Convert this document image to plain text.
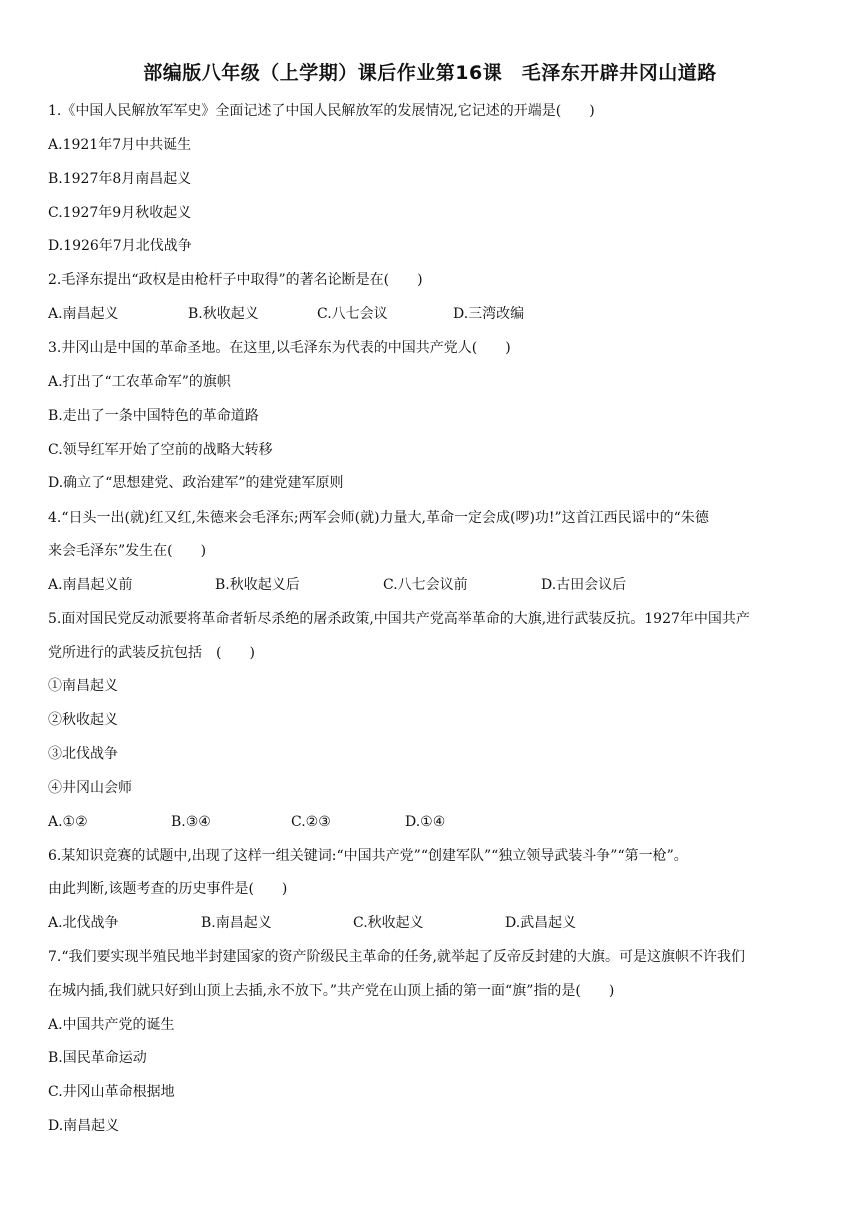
部编版八年级（上学期）课后作业第16课　毛泽东开辟井冈山道路
1.《中国人民解放军军史》全面记述了中国人民解放军的发展情况,它记述的开端是(　　)
A.1921年7月中共诞生
B.1927年8月南昌起义
C.1927年9月秋收起义
D.1926年7月北伐战争
2.毛泽东提出“政权是由枪杆子中取得”的著名论断是在(　　)
A.南昌起义	B.秋收起义	C.八七会议	D.三湾改编
3.井冈山是中国的革命圣地。在这里,以毛泽东为代表的中国共产党人(　　)
A.打出了“工农革命军”的旗帜
B.走出了一条中国特色的革命道路
C.领导红军开始了空前的战略大转移
D.确立了“思想建党、政治建军”的建党建军原则
4.“日头一出(就)红又红,朱德来会毛泽东;两军会师(就)力量大,革命一定会成(啰)功!”这首江西民谣中的“朱德
来会毛泽东”发生在(　　)
A.南昌起义前	B.秋收起义后	C.八七会议前	D.古田会议后
5.面对国民党反动派要将革命者斩尽杀绝的屠杀政策,中国共产党高举革命的大旗,进行武装反抗。1927年中国共产
党所进行的武装反抗包括　(　　)
①南昌起义
②秋收起义
③北伐战争
④井冈山会师
A.①②	B.③④	C.②③	D.①④
6.某知识竞赛的试题中,出现了这样一组关键词:“中国共产党”“创建军队”“独立领导武装斗争”“第一枪”。
由此判断,该题考查的历史事件是(　　)
A.北伐战争	B.南昌起义	C.秋收起义	D.武昌起义
7.“我们要实现半殖民地半封建国家的资产阶级民主革命的任务,就举起了反帝反封建的大旗。可是这旗帜不许我们
在城内插,我们就只好到山顶上去插,永不放下。”共产党在山顶上插的第一面“旗”指的是(　　)
A.中国共产党的诞生
B.国民革命运动
C.井冈山革命根据地
D.南昌起义
